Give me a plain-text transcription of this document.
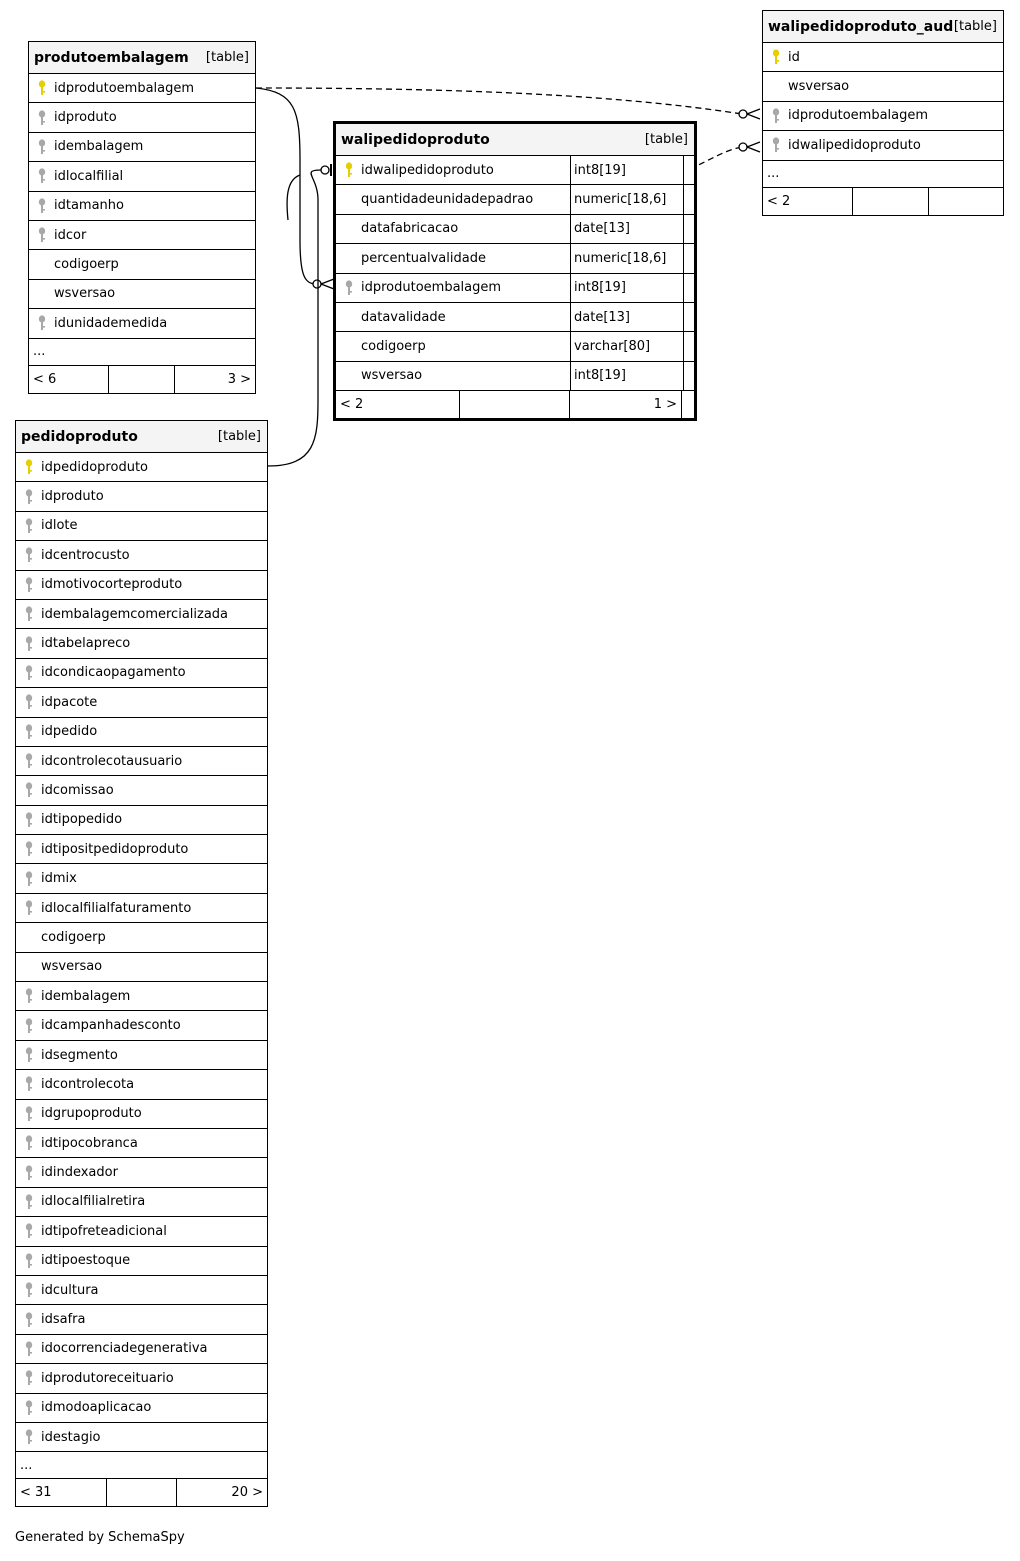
produtoembalagem [table]
idprodutoembalagem
idproduto
idembalagem
idlocalfilial
idtamanho
idcor
codigoerp
wsversao
idunidademedida
...
< 6	3 >
walipedidoproduto_aud [table]
id
wsversao
idprodutoembalagem
idwalipedidoproduto
...
< 2
walipedidoproduto	[table]
idwalipedidoproduto	int8[19]
quantidadeunidadepadrao	numeric[18,6]
datafabricacao	date[13]
percentualvalidade	numeric[18,6]
idprodutoembalagem	int8[19]
datavalidade	date[13]
codigoerp	varchar[80]
wsversao	int8[19]
< 2	1 >
pedidoproduto	[table]
idpedidoproduto
idproduto
idlote
idcentrocusto
idmotivocorteproduto
idembalagemcomercializada
idtabelapreco
idcondicaopagamento
idpacote
idpedido
idcontrolecotausuario
idcomissao
idtipopedido
idtipositpedidoproduto
idmix
idlocalfilialfaturamento
codigoerp
wsversao
idembalagem
idcampanhadesconto
idsegmento
idcontrolecota
idgrupoproduto
idtipocobranca
idindexador
idlocalfilialretira
idtipofreteadicional
idtipoestoque
idcultura
idsafra
idocorrenciadegenerativa
idprodutoreceituario
idmodoaplicacao
idestagio
...
< 31	20 >
Generated by SchemaSpy
